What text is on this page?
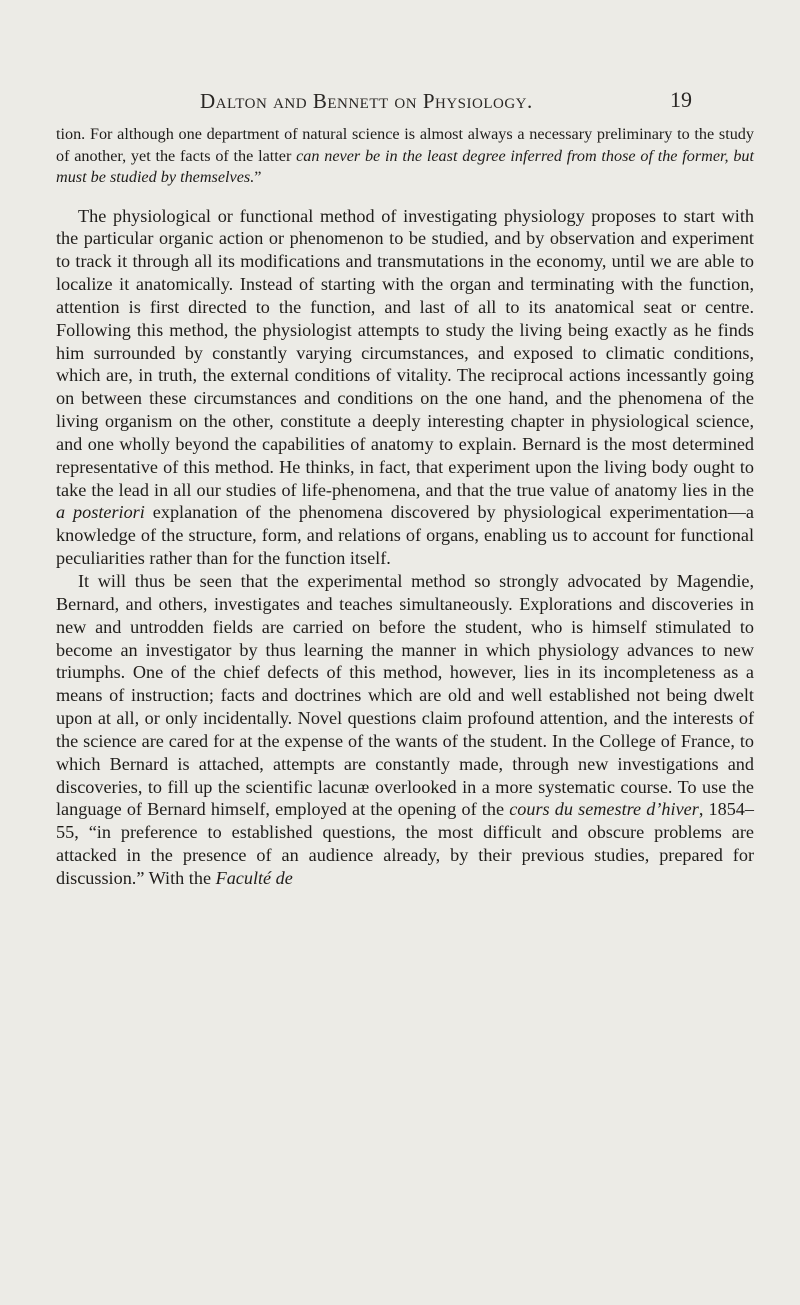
Dalton and Bennett on Physiology.	19

tion. For although one department of natural science is almost always a necessary preliminary to the study of another, yet the facts of the latter can never be in the least degree inferred from those of the former, but must be studied by themselves.”

The physiological or functional method of investigating physiology proposes to start with the particular organic action or phenomenon to be studied, and by observation and experiment to track it through all its modifications and transmutations in the economy, until we are able to localize it anatomically. Instead of starting with the organ and terminating with the function, attention is first directed to the function, and last of all to its anatomical seat or centre. Following this method, the physiologist attempts to study the living being exactly as he finds him surrounded by constantly varying circumstances, and exposed to climatic conditions, which are, in truth, the external conditions of vitality. The reciprocal actions incessantly going on between these circumstances and conditions on the one hand, and the phenomena of the living organism on the other, constitute a deeply interesting chapter in physiological science, and one wholly beyond the capabilities of anatomy to explain. Bernard is the most determined representative of this method. He thinks, in fact, that experiment upon the living body ought to take the lead in all our studies of life-phenomena, and that the true value of anatomy lies in the a posteriori explanation of the phenomena discovered by physiological experimentation—a knowledge of the structure, form, and relations of organs, enabling us to account for functional peculiarities rather than for the function itself.

It will thus be seen that the experimental method so strongly advocated by Magendie, Bernard, and others, investigates and teaches simultaneously. Explorations and discoveries in new and untrodden fields are carried on before the student, who is himself stimulated to become an investigator by thus learning the manner in which physiology advances to new triumphs. One of the chief defects of this method, however, lies in its incompleteness as a means of instruction; facts and doctrines which are old and well established not being dwelt upon at all, or only incidentally. Novel questions claim profound attention, and the interests of the science are cared for at the expense of the wants of the student. In the College of France, to which Bernard is attached, attempts are constantly made, through new investigations and discoveries, to fill up the scientific lacunæ overlooked in a more systematic course. To use the language of Bernard himself, employed at the opening of the cours du semestre d’hiver, 1854–55, “in preference to established questions, the most difficult and obscure problems are attacked in the presence of an audience already, by their previous studies, prepared for discussion.” With the Faculté de
